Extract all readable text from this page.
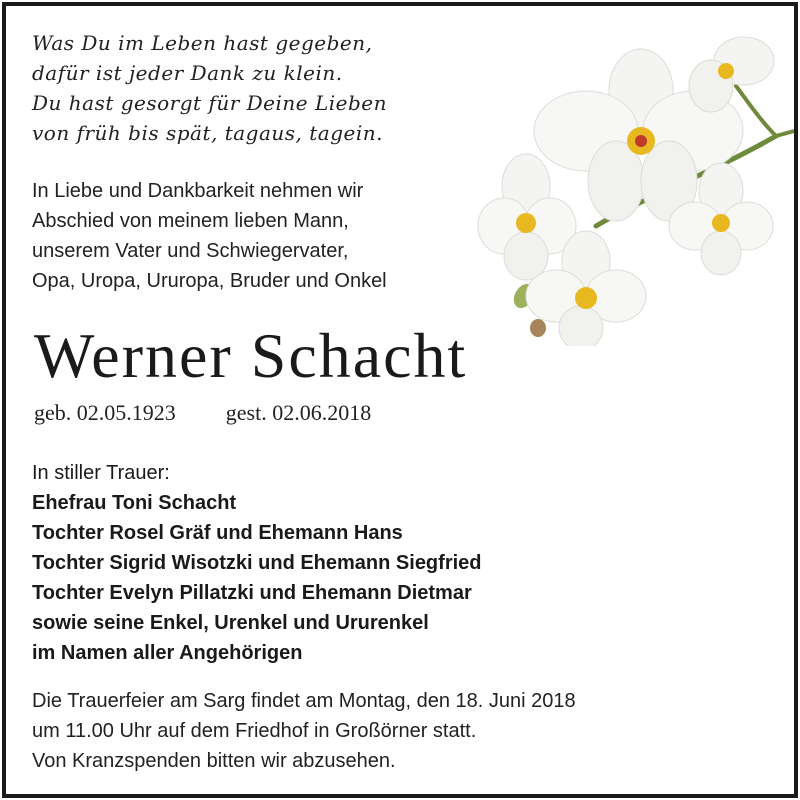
Was Du im Leben hast gegeben,
dafür ist jeder Dank zu klein.
Du hast gesorgt für Deine Lieben
von früh bis spät, tagaus, tagein.
In Liebe und Dankbarkeit nehmen wir
Abschied von meinem lieben Mann,
unserem Vater und Schwiegervater,
Opa, Uropa, Ururopa, Bruder und Onkel
Werner Schacht
geb. 02.05.1923 gest. 02.06.2018
In stiller Trauer:
Ehefrau Toni Schacht
Tochter Rosel Gräf und Ehemann Hans
Tochter Sigrid Wisotzki und Ehemann Siegfried
Tochter Evelyn Pillatzki und Ehemann Dietmar
sowie seine Enkel, Urenkel und Ururenkel
im Namen aller Angehörigen
Die Trauerfeier am Sarg findet am Montag, den 18. Juni 2018
um 11.00 Uhr auf dem Friedhof in Großörner statt.
Von Kranzspenden bitten wir abzusehen.
